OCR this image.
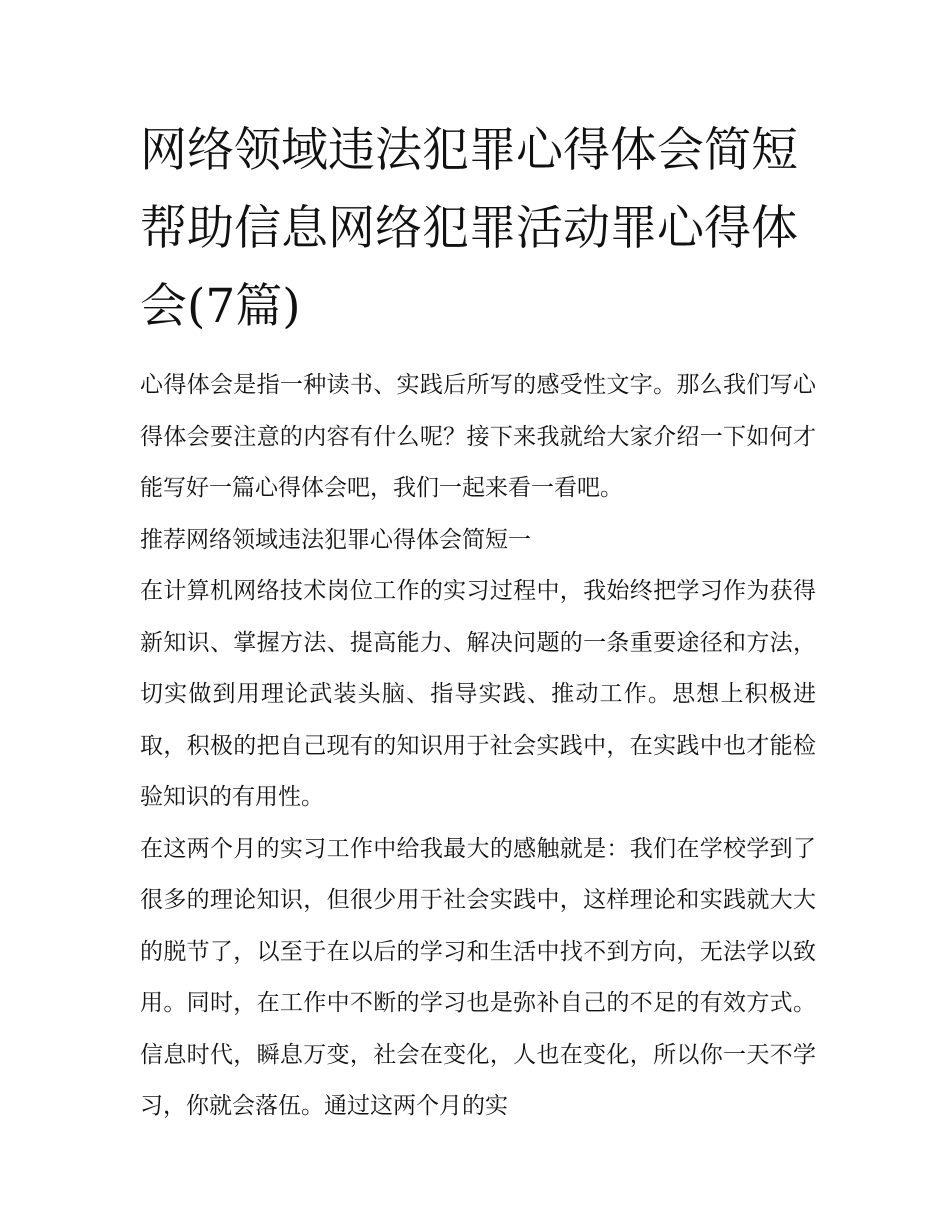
网络领域违法犯罪心得体会简短 帮助信息网络犯罪活动罪心得体会(7篇)

心得体会是指一种读书、实践后所写的感受性文字。那么我们写心得体会要注意的内容有什么呢？接下来我就给大家介绍一下如何才能写好一篇心得体会吧，我们一起来看一看吧。

推荐网络领域违法犯罪心得体会简短一

在计算机网络技术岗位工作的实习过程中，我始终把学习作为获得新知识、掌握方法、提高能力、解决问题的一条重要途径和方法，切实做到用理论武装头脑、指导实践、推动工作。思想上积极进取，积极的把自己现有的知识用于社会实践中，在实践中也才能检验知识的有用性。

在这两个月的实习工作中给我最大的感触就是：我们在学校学到了很多的理论知识，但很少用于社会实践中，这样理论和实践就大大的脱节了，以至于在以后的学习和生活中找不到方向，无法学以致用。同时，在工作中不断的学习也是弥补自己的不足的有效方式。信息时代，瞬息万变，社会在变化，人也在变化，所以你一天不学习，你就会落伍。通过这两个月的实
